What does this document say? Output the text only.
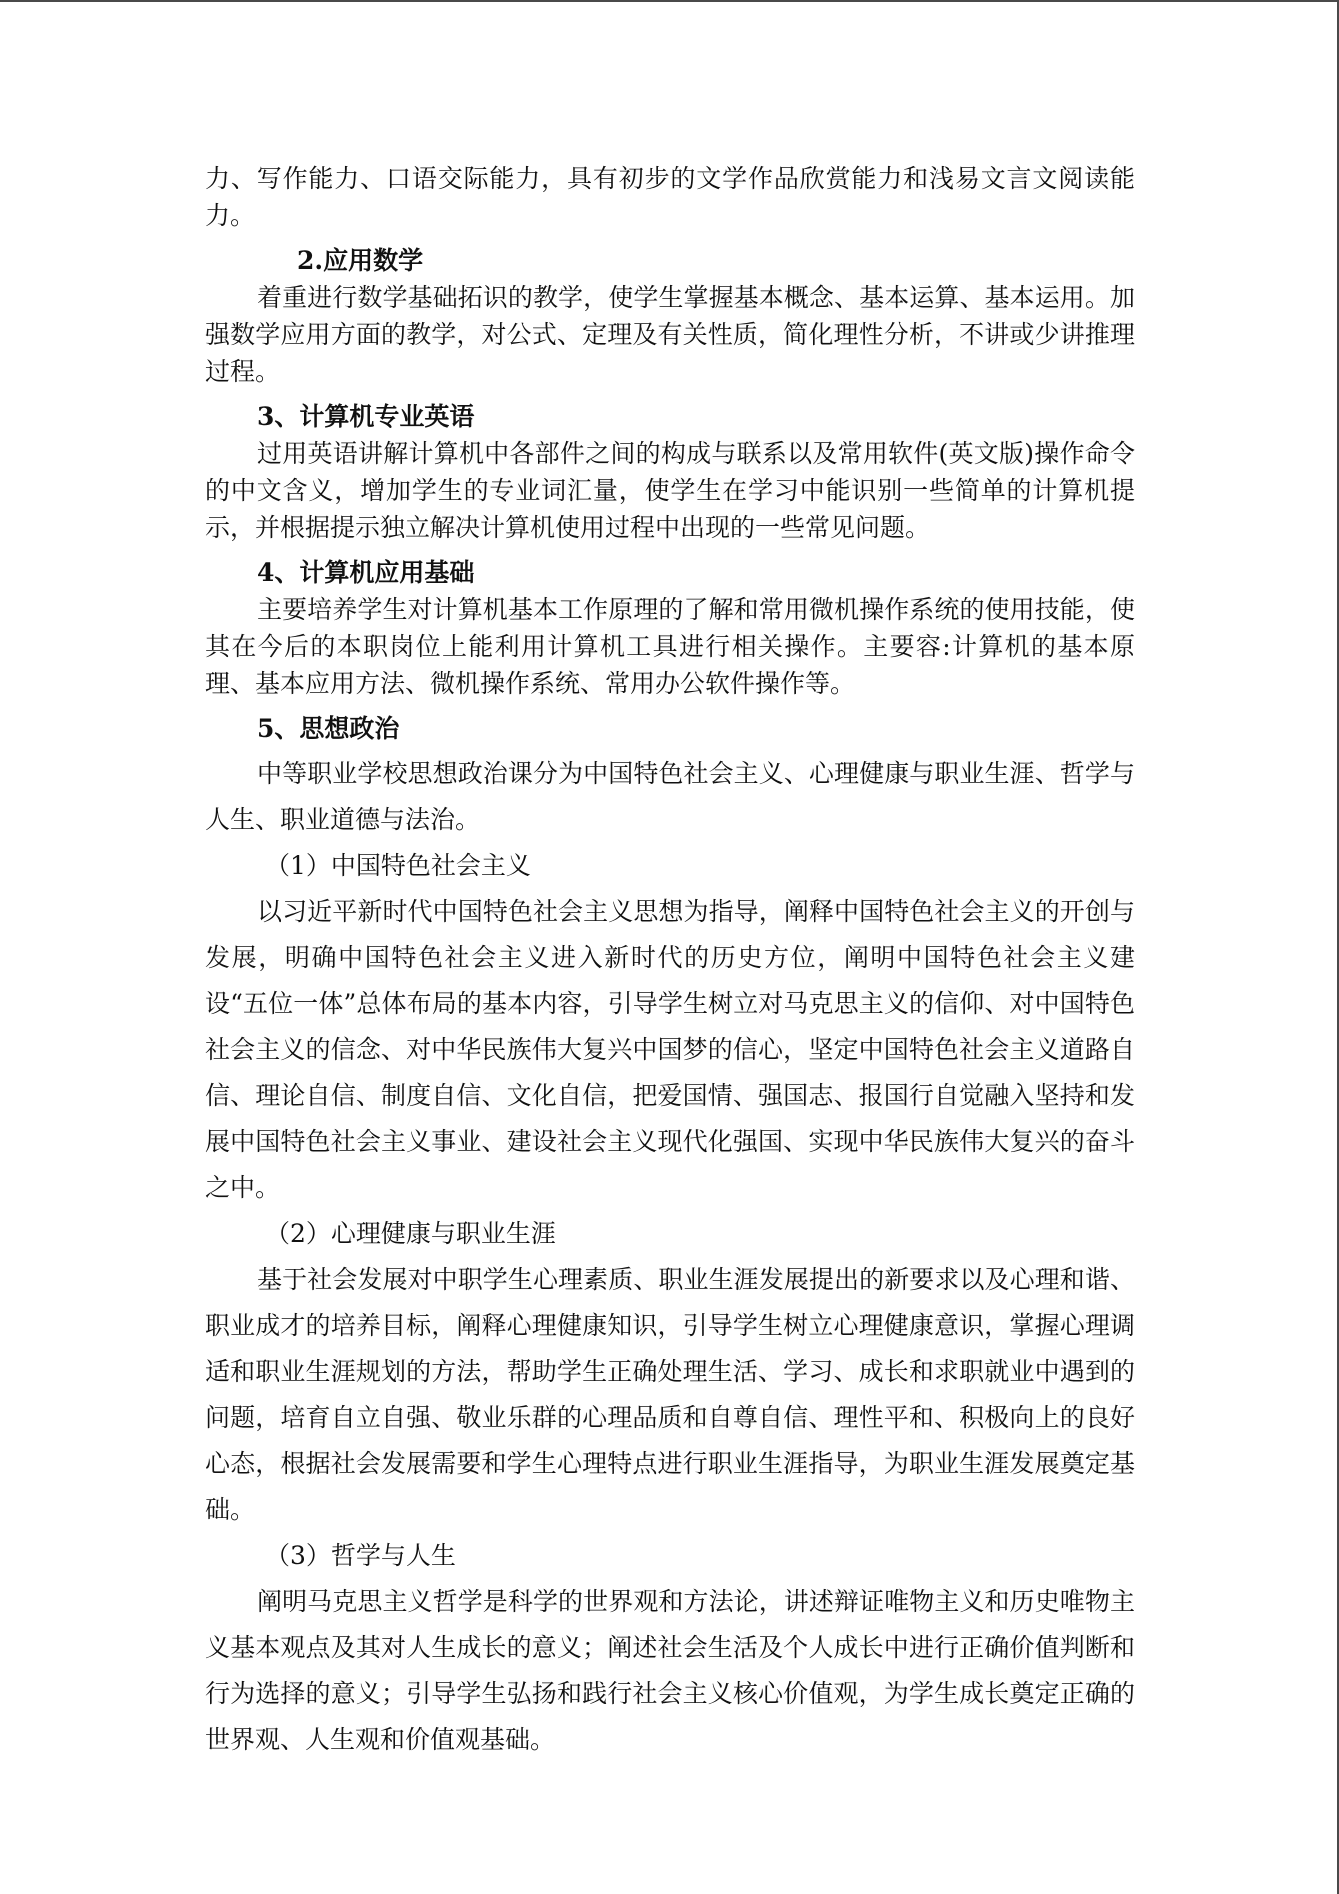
力、写作能力、口语交际能力，具有初步的文学作品欣赏能力和浅易文言文阅读能力。

2.应用数学

着重进行数学基础拓识的教学，使学生掌握基本概念、基本运算、基本运用。加强数学应用方面的教学，对公式、定理及有关性质，简化理性分析，不讲或少讲推理过程。

3、计算机专业英语

过用英语讲解计算机中各部件之间的构成与联系以及常用软件(英文版)操作命令的中文含义，增加学生的专业词汇量，使学生在学习中能识别一些简单的计算机提示，并根据提示独立解决计算机使用过程中出现的一些常见问题。

4、计算机应用基础

主要培养学生对计算机基本工作原理的了解和常用微机操作系统的使用技能，使其在今后的本职岗位上能利用计算机工具进行相关操作。主要容:计算机的基本原理、基本应用方法、微机操作系统、常用办公软件操作等。

5、思想政治

中等职业学校思想政治课分为中国特色社会主义、心理健康与职业生涯、哲学与人生、职业道德与法治。

（1）中国特色社会主义

以习近平新时代中国特色社会主义思想为指导，阐释中国特色社会主义的开创与发展，明确中国特色社会主义进入新时代的历史方位，阐明中国特色社会主义建设“五位一体”总体布局的基本内容，引导学生树立对马克思主义的信仰、对中国特色社会主义的信念、对中华民族伟大复兴中国梦的信心，坚定中国特色社会主义道路自信、理论自信、制度自信、文化自信，把爱国情、强国志、报国行自觉融入坚持和发展中国特色社会主义事业、建设社会主义现代化强国、实现中华民族伟大复兴的奋斗之中。

（2）心理健康与职业生涯

基于社会发展对中职学生心理素质、职业生涯发展提出的新要求以及心理和谐、职业成才的培养目标，阐释心理健康知识，引导学生树立心理健康意识，掌握心理调适和职业生涯规划的方法，帮助学生正确处理生活、学习、成长和求职就业中遇到的问题，培育自立自强、敬业乐群的心理品质和自尊自信、理性平和、积极向上的良好心态，根据社会发展需要和学生心理特点进行职业生涯指导，为职业生涯发展奠定基础。

（3）哲学与人生

阐明马克思主义哲学是科学的世界观和方法论，讲述辩证唯物主义和历史唯物主义基本观点及其对人生成长的意义；阐述社会生活及个人成长中进行正确价值判断和行为选择的意义；引导学生弘扬和践行社会主义核心价值观，为学生成长奠定正确的世界观、人生观和价值观基础。
